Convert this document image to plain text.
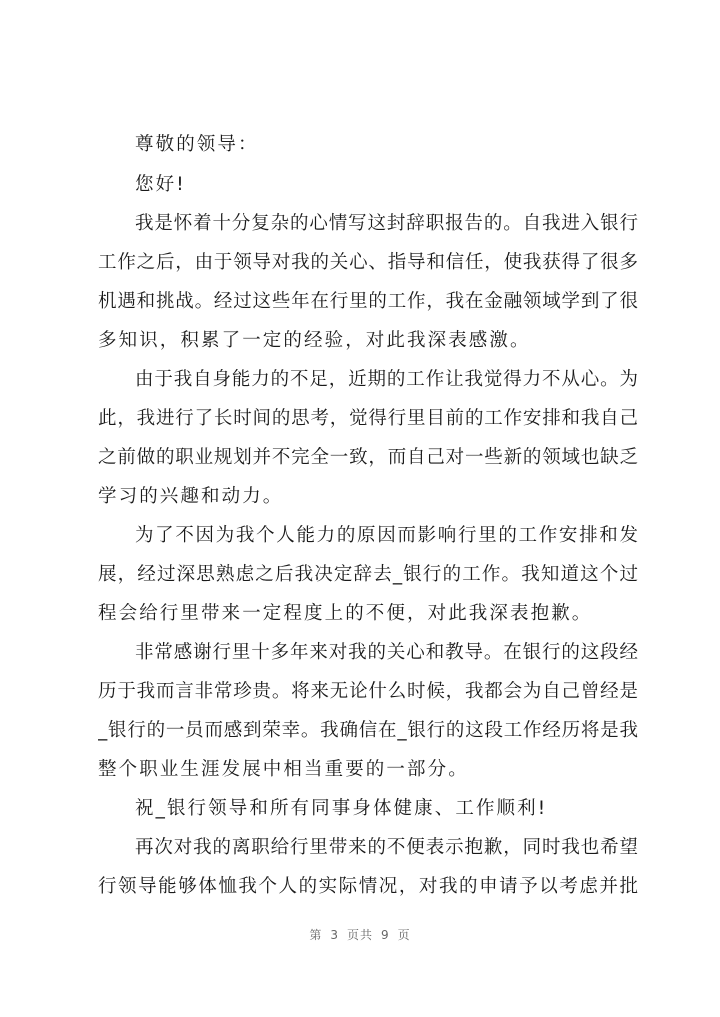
尊敬的领导：
您好!
我是怀着十分复杂的心情写这封辞职报告的。自我进入银行
工作之后，由于领导对我的关心、指导和信任，使我获得了很多
机遇和挑战。经过这些年在行里的工作，我在金融领域学到了很
多知识，积累了一定的经验，对此我深表感激。
由于我自身能力的不足，近期的工作让我觉得力不从心。为
此，我进行了长时间的思考，觉得行里目前的工作安排和我自己
之前做的职业规划并不完全一致，而自己对一些新的领域也缺乏
学习的兴趣和动力。
为了不因为我个人能力的原因而影响行里的工作安排和发
展，经过深思熟虑之后我决定辞去_银行的工作。我知道这个过
程会给行里带来一定程度上的不便，对此我深表抱歉。
非常感谢行里十多年来对我的关心和教导。在银行的这段经
历于我而言非常珍贵。将来无论什么时候，我都会为自己曾经是
_银行的一员而感到荣幸。我确信在_银行的这段工作经历将是我
整个职业生涯发展中相当重要的一部分。
祝_银行领导和所有同事身体健康、工作顺利!
再次对我的离职给行里带来的不便表示抱歉，同时我也希望
行领导能够体恤我个人的实际情况，对我的申请予以考虑并批
第 3 页共 9 页
